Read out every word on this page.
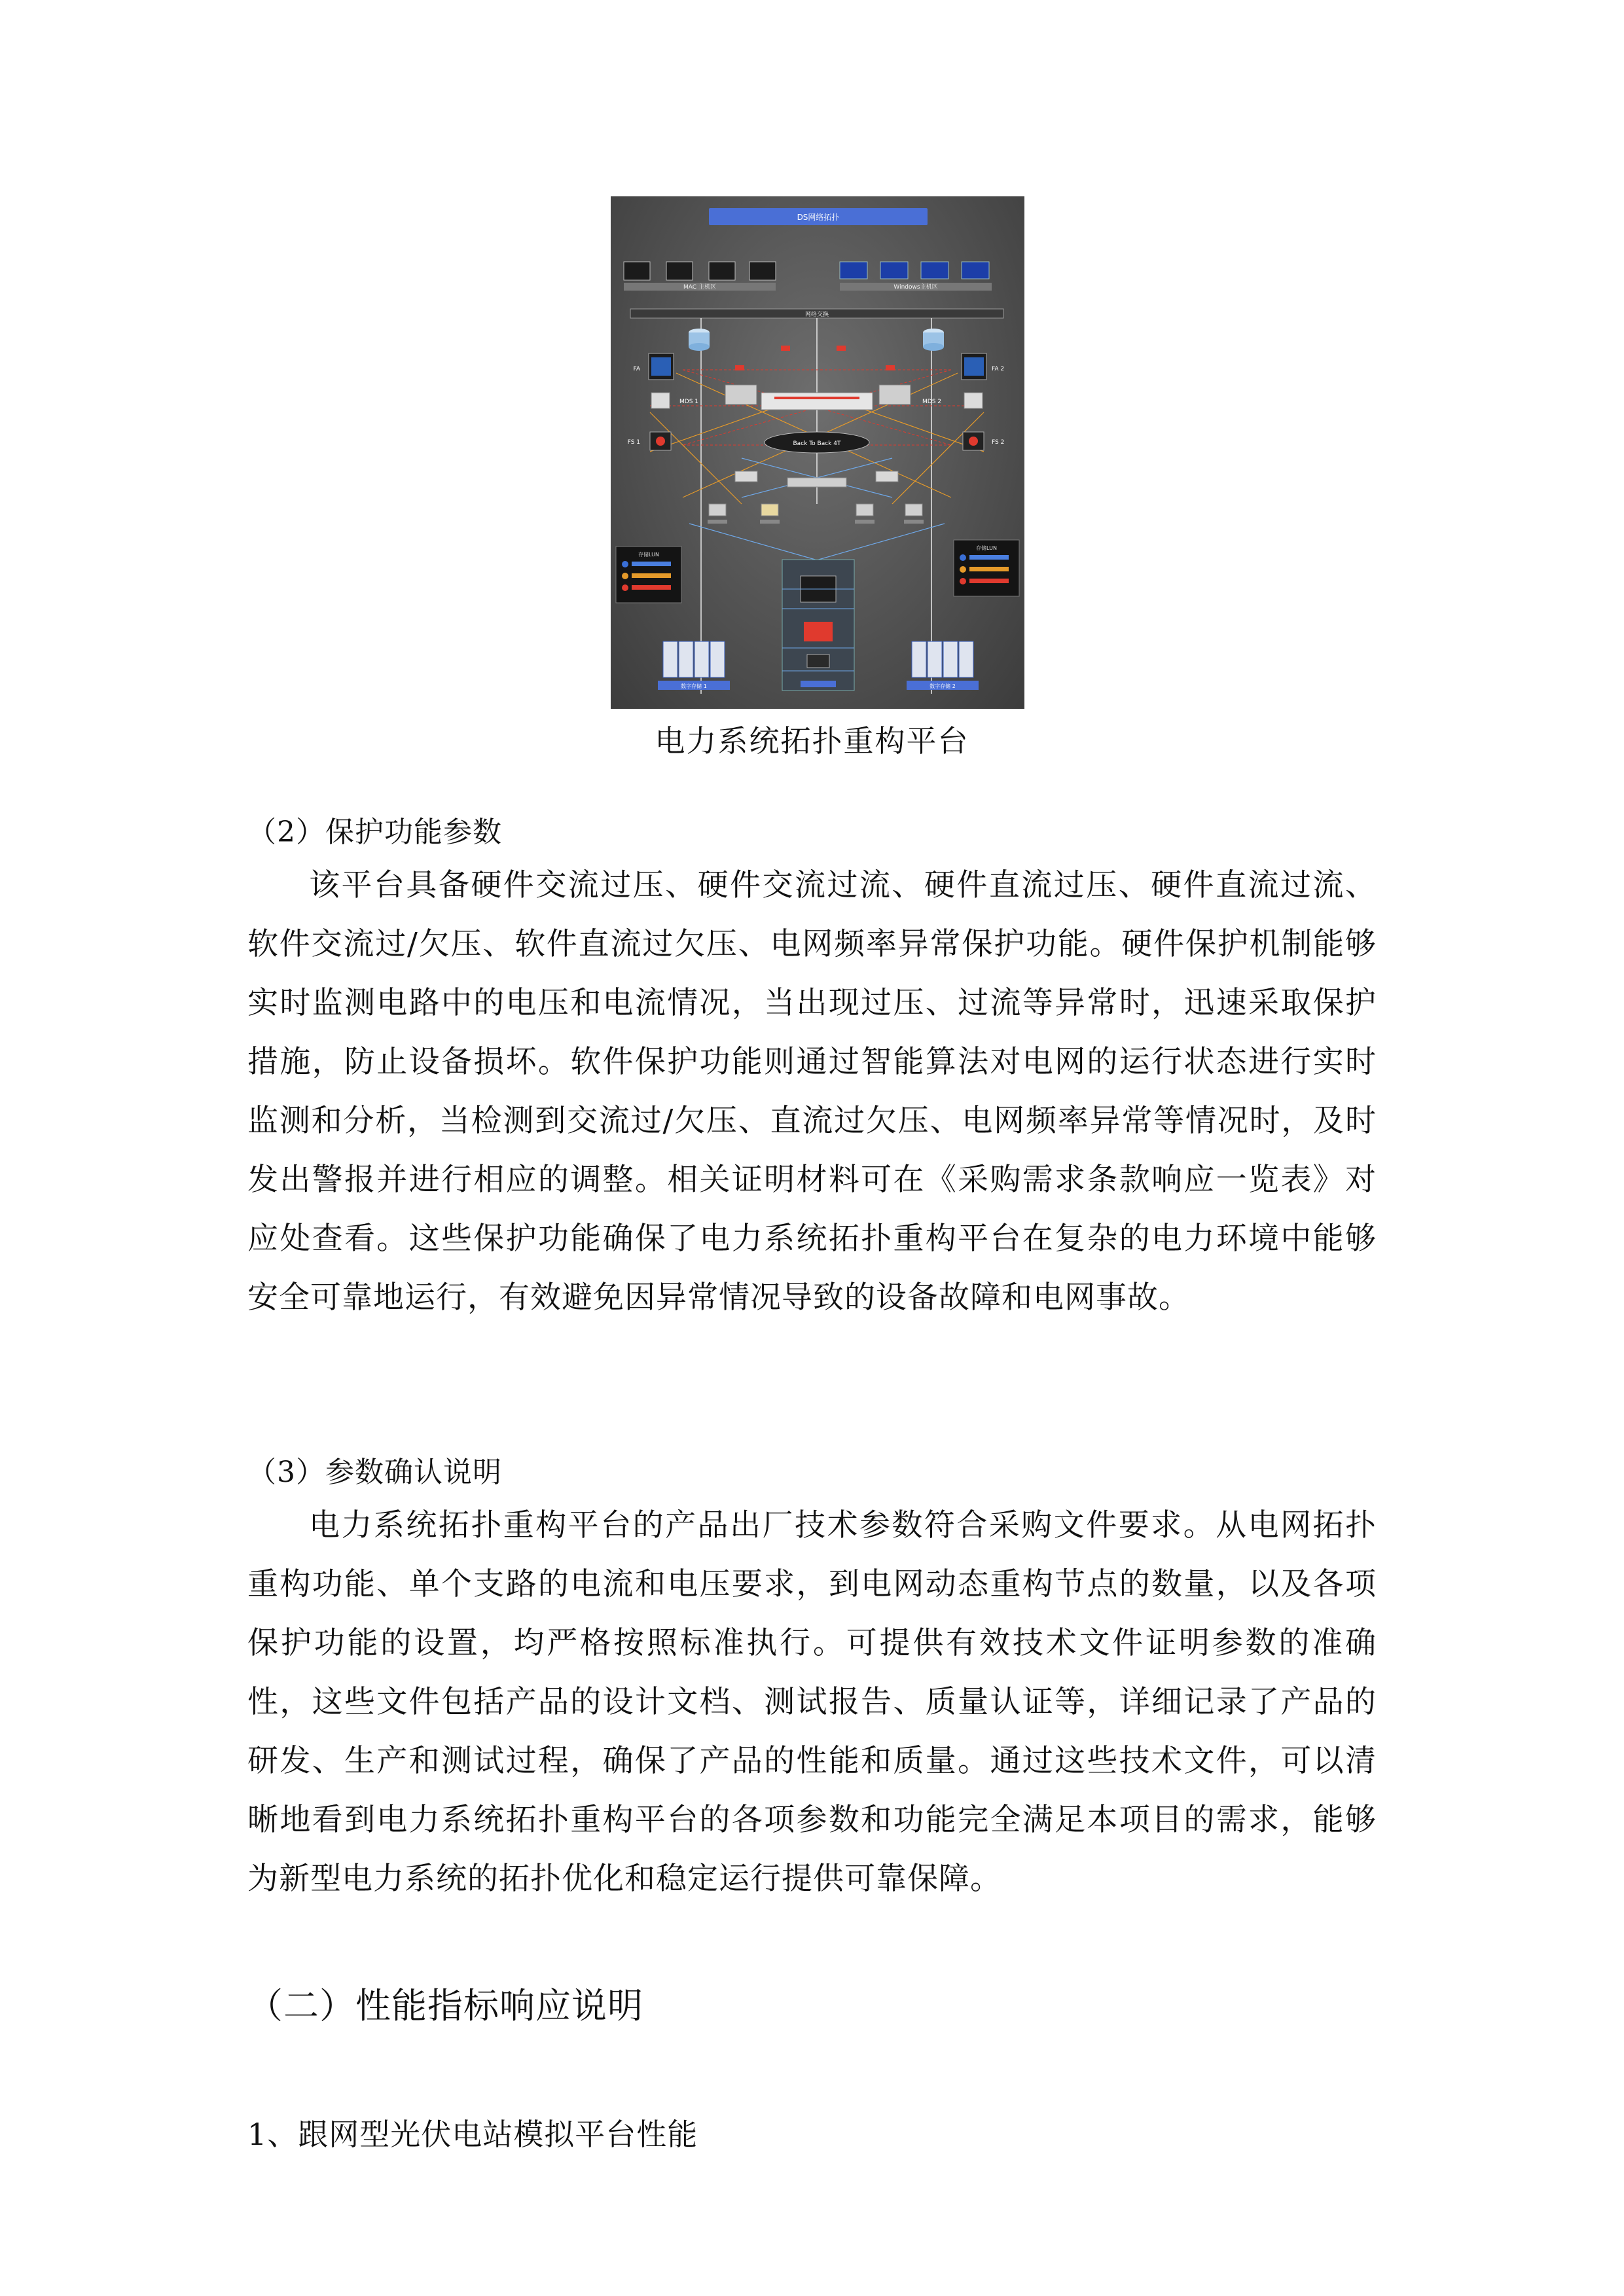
DS网络拓扑
MAC 主机区	Windows主机区
网络交换
FA	FA 2
MDS 1	MDS 2
FS 1	FS 2
Back To Back 4T
存储LUN
存储LUN
数字存储 1	数字存储 2
电力系统拓扑重构平台
（2）保护功能参数

该平台具备硬件交流过压、硬件交流过流、硬件直流过压、硬件直流过流、软件交流过/欠压、软件直流过欠压、电网频率异常保护功能。硬件保护机制能够实时监测电路中的电压和电流情况，当出现过压、过流等异常时，迅速采取保护措施，防止设备损坏。软件保护功能则通过智能算法对电网的运行状态进行实时监测和分析，当检测到交流过/欠压、直流过欠压、电网频率异常等情况时，及时发出警报并进行相应的调整。相关证明材料可在《采购需求条款响应一览表》对应处查看。这些保护功能确保了电力系统拓扑重构平台在复杂的电力环境中能够安全可靠地运行，有效避免因异常情况导致的设备故障和电网事故。

（3）参数确认说明

电力系统拓扑重构平台的产品出厂技术参数符合采购文件要求。从电网拓扑重构功能、单个支路的电流和电压要求，到电网动态重构节点的数量，以及各项保护功能的设置，均严格按照标准执行。可提供有效技术文件证明参数的准确性，这些文件包括产品的设计文档、测试报告、质量认证等，详细记录了产品的研发、生产和测试过程，确保了产品的性能和质量。通过这些技术文件，可以清晰地看到电力系统拓扑重构平台的各项参数和功能完全满足本项目的需求，能够为新型电力系统的拓扑优化和稳定运行提供可靠保障。

（二）性能指标响应说明
1、跟网型光伏电站模拟平台性能
